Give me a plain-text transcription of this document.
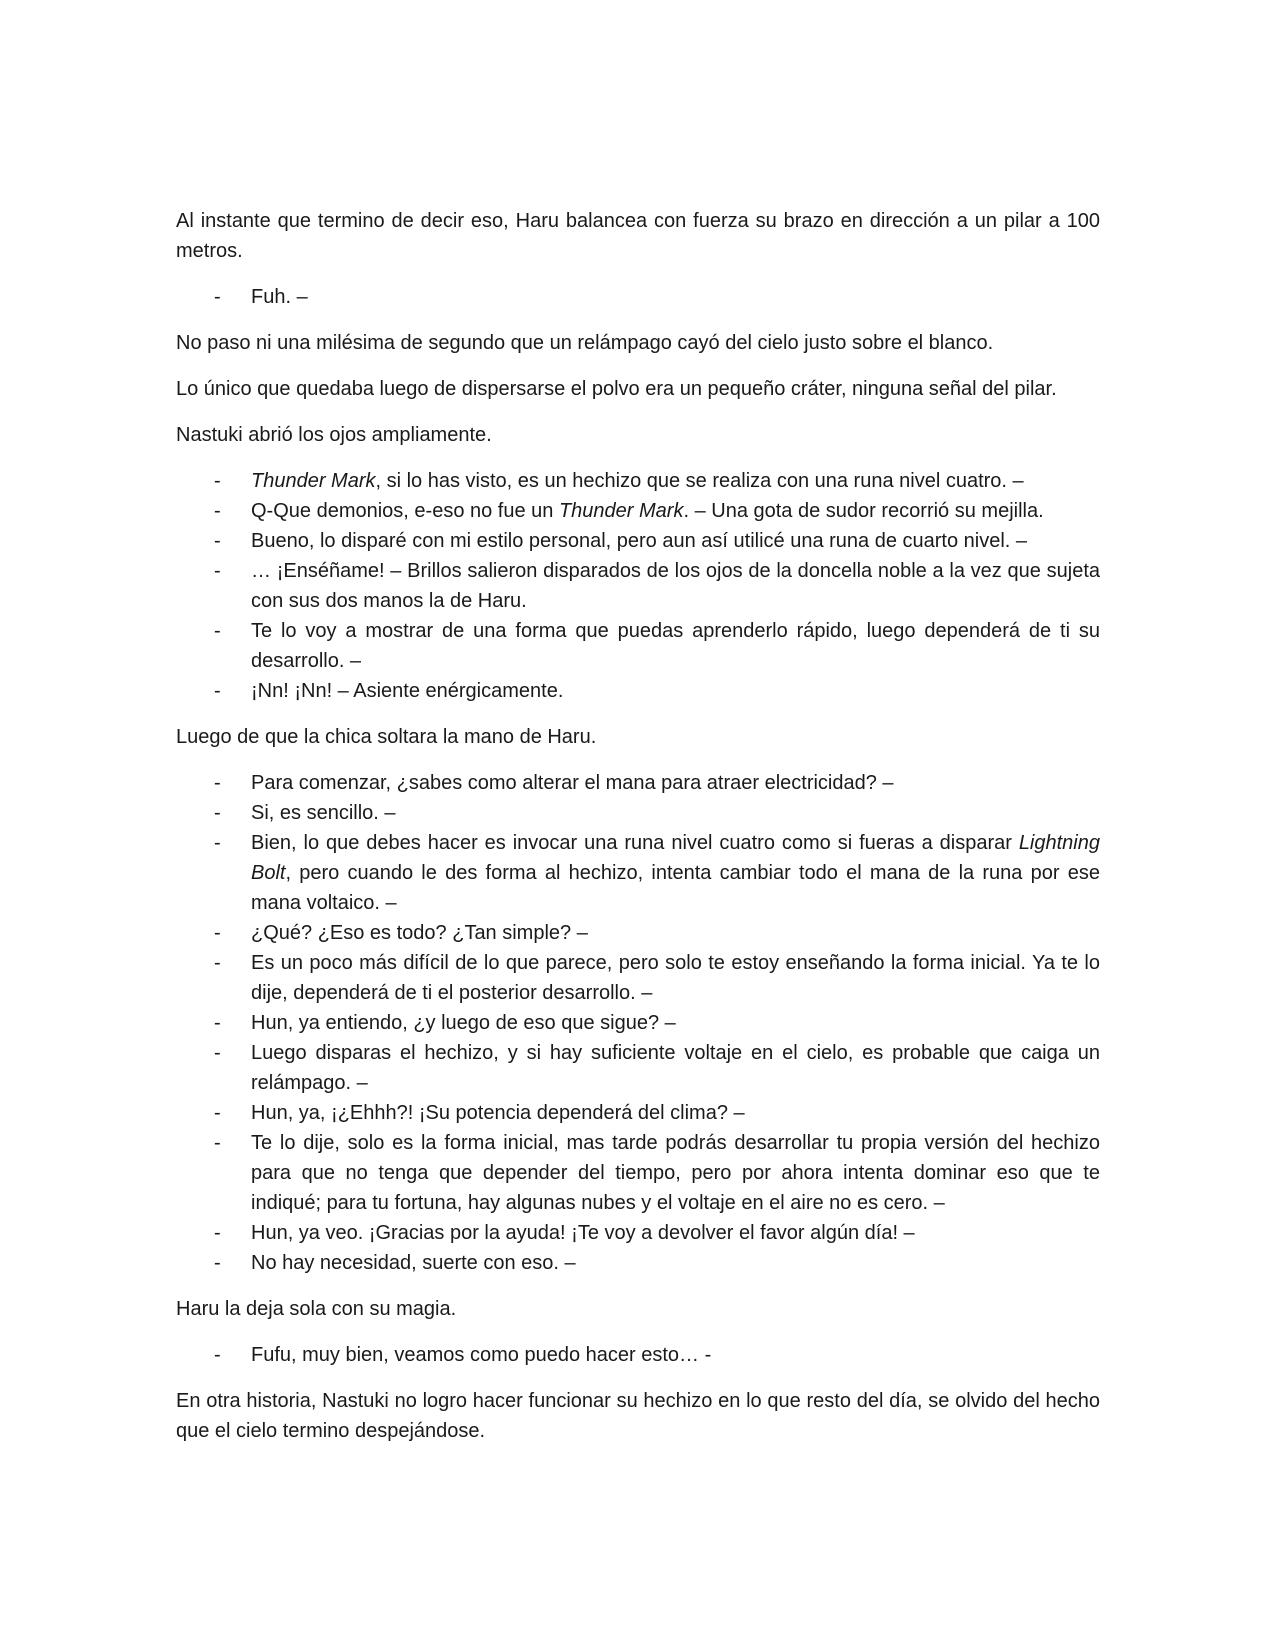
Al instante que termino de decir eso, Haru balancea con fuerza su brazo en dirección a un pilar a 100 metros.

- Fuh. –

No paso ni una milésima de segundo que un relámpago cayó del cielo justo sobre el blanco.

Lo único que quedaba luego de dispersarse el polvo era un pequeño cráter, ninguna señal del pilar.

Nastuki abrió los ojos ampliamente.

- Thunder Mark, si lo has visto, es un hechizo que se realiza con una runa nivel cuatro. –
- Q-Que demonios, e-eso no fue un Thunder Mark. – Una gota de sudor recorrió su mejilla.
- Bueno, lo disparé con mi estilo personal, pero aun así utilicé una runa de cuarto nivel. –
- … ¡Enséñame! – Brillos salieron disparados de los ojos de la doncella noble a la vez que sujeta con sus dos manos la de Haru.
- Te lo voy a mostrar de una forma que puedas aprenderlo rápido, luego dependerá de ti su desarrollo. –
- ¡Nn! ¡Nn! – Asiente enérgicamente.

Luego de que la chica soltara la mano de Haru.

- Para comenzar, ¿sabes como alterar el mana para atraer electricidad? –
- Si, es sencillo. –
- Bien, lo que debes hacer es invocar una runa nivel cuatro como si fueras a disparar Lightning Bolt, pero cuando le des forma al hechizo, intenta cambiar todo el mana de la runa por ese mana voltaico. –
- ¿Qué? ¿Eso es todo? ¿Tan simple? –
- Es un poco más difícil de lo que parece, pero solo te estoy enseñando la forma inicial. Ya te lo dije, dependerá de ti el posterior desarrollo. –
- Hun, ya entiendo, ¿y luego de eso que sigue? –
- Luego disparas el hechizo, y si hay suficiente voltaje en el cielo, es probable que caiga un relámpago. –
- Hun, ya, ¡¿Ehhh?! ¡Su potencia dependerá del clima? –
- Te lo dije, solo es la forma inicial, mas tarde podrás desarrollar tu propia versión del hechizo para que no tenga que depender del tiempo, pero por ahora intenta dominar eso que te indiqué; para tu fortuna, hay algunas nubes y el voltaje en el aire no es cero. –
- Hun, ya veo. ¡Gracias por la ayuda! ¡Te voy a devolver el favor algún día! –
- No hay necesidad, suerte con eso. –

Haru la deja sola con su magia.

- Fufu, muy bien, veamos como puedo hacer esto… -

En otra historia, Nastuki no logro hacer funcionar su hechizo en lo que resto del día, se olvido del hecho que el cielo termino despejándose.
